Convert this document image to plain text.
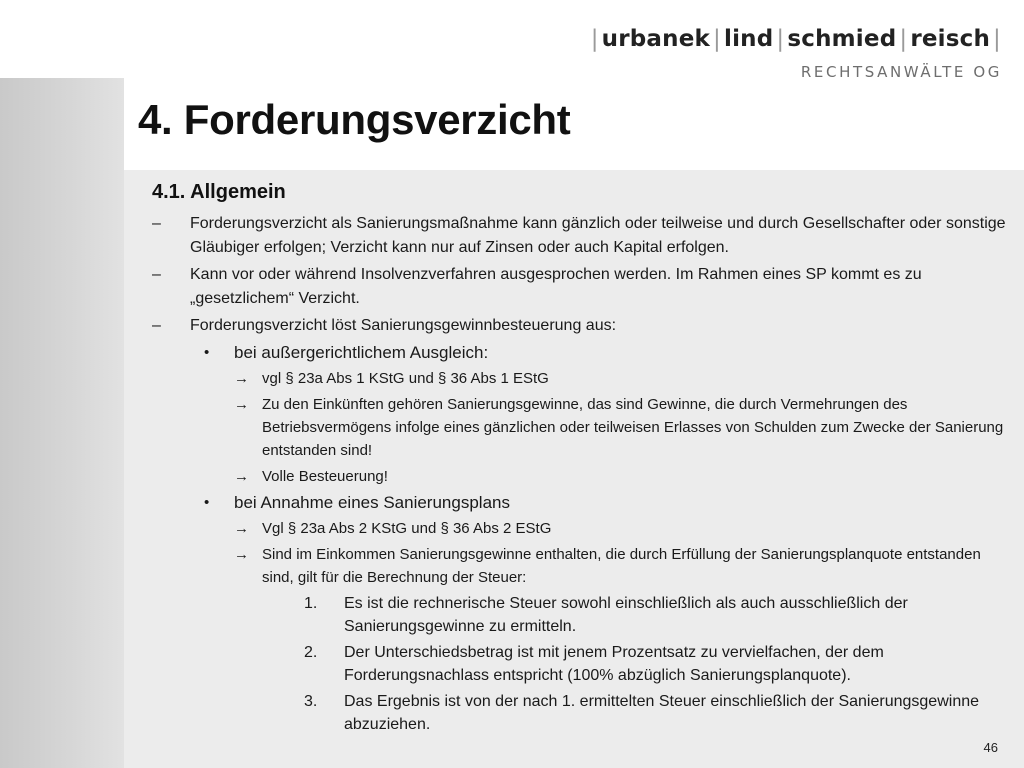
| urbanek | lind | schmied | reisch |
RECHTSANWÄLTE OG
4. Forderungsverzicht
4.1. Allgemein
– Forderungsverzicht als Sanierungsmaßnahme kann gänzlich oder teilweise und durch Gesellschafter oder sonstige Gläubiger erfolgen; Verzicht kann nur auf Zinsen oder auch Kapital erfolgen.
– Kann vor oder während Insolvenzverfahren ausgesprochen werden. Im Rahmen eines SP kommt es zu „gesetzlichem“ Verzicht.
– Forderungsverzicht löst Sanierungsgewinnbesteuerung aus:
• bei außergerichtlichem Ausgleich:
→ vgl § 23a Abs 1 KStG und § 36 Abs 1 EStG
→ Zu den Einkünften gehören Sanierungsgewinne, das sind Gewinne, die durch Vermehrungen des Betriebsvermögens infolge eines gänzlichen oder teilweisen Erlasses von Schulden zum Zwecke der Sanierung entstanden sind!
→ Volle Besteuerung!
• bei Annahme eines Sanierungsplans
→ Vgl § 23a Abs 2 KStG und § 36 Abs 2 EStG
→ Sind im Einkommen Sanierungsgewinne enthalten, die durch Erfüllung der Sanierungsplanquote entstanden sind, gilt für die Berechnung der Steuer:
1. Es ist die rechnerische Steuer sowohl einschließlich als auch ausschließlich der Sanierungsgewinne zu ermitteln.
2. Der Unterschiedsbetrag ist mit jenem Prozentsatz zu vervielfachen, der dem Forderungsnachlass entspricht (100% abzüglich Sanierungsplanquote).
3. Das Ergebnis ist von der nach 1. ermittelten Steuer einschließlich der Sanierungsgewinne abzuziehen.
46
